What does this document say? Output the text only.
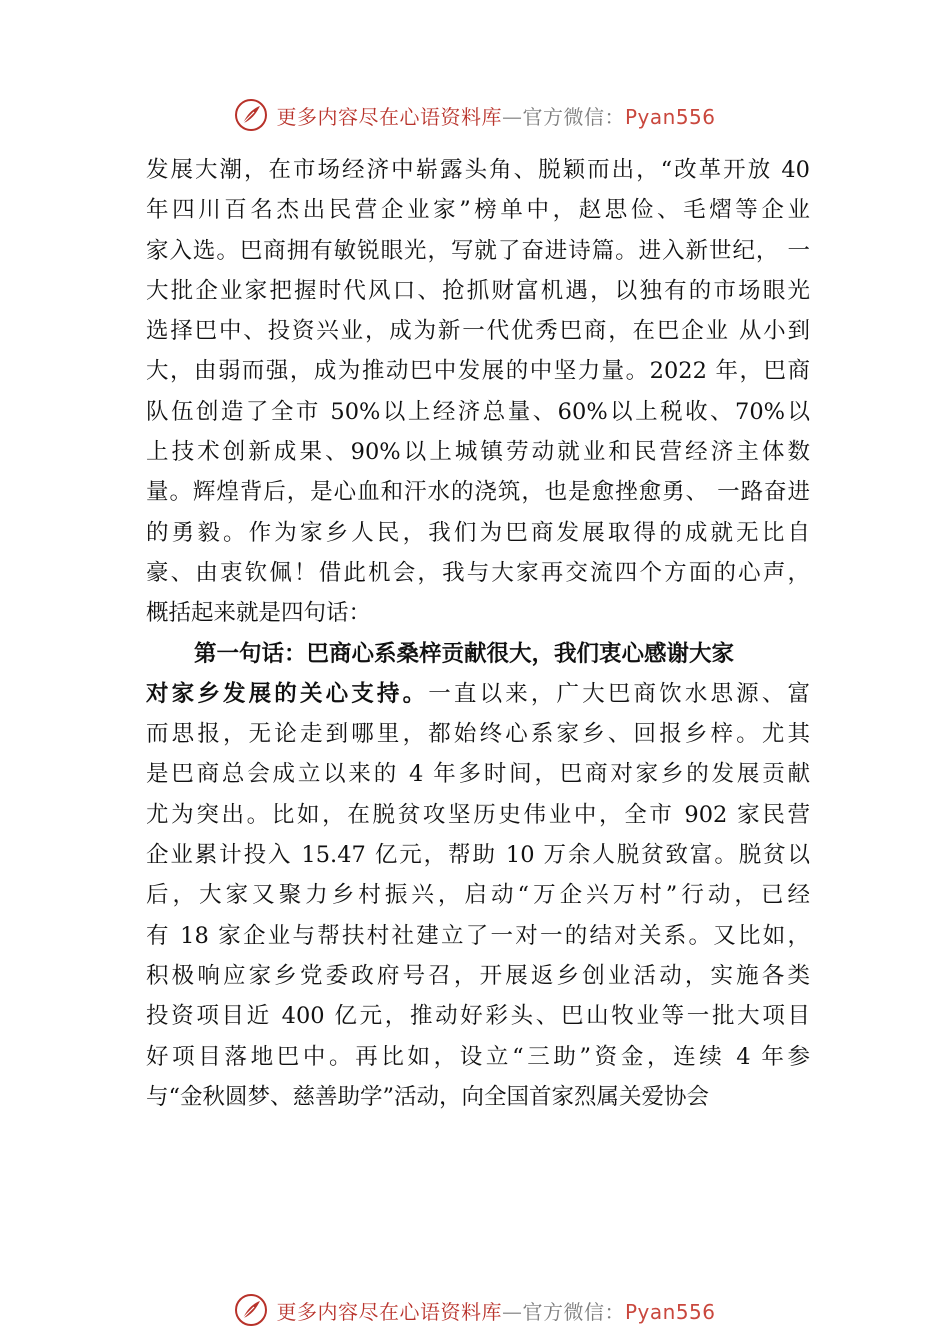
更多内容尽在心语资料库—官方微信：Pyan556
发展大潮，在市场经济中崭露头角、脱颖而出，“改革开放 40
年四川百名杰出民营企业家”榜单中，赵思俭、毛熠等企业
家入选。巴商拥有敏锐眼光，写就了奋进诗篇。进入新世纪， 一
大批企业家把握时代风口、抢抓财富机遇，以独有的市场眼光
选择巴中、投资兴业，成为新一代优秀巴商，在巴企业 从小到
大，由弱而强，成为推动巴中发展的中坚力量。2022 年，巴商
队伍创造了全市 50%以上经济总量、60%以上税收、70%以
上技术创新成果、90%以上城镇劳动就业和民营经济主体数
量。辉煌背后，是心血和汗水的浇筑，也是愈挫愈勇、 一路奋进
的勇毅。作为家乡人民，我们为巴商发展取得的成就无比自
豪、由衷钦佩！借此机会，我与大家再交流四个方面的心声，
概括起来就是四句话：
第一句话：巴商心系桑梓贡献很大，我们衷心感谢大家
对家乡发展的关心支持。一直以来，广大巴商饮水思源、富
而思报，无论走到哪里，都始终心系家乡、回报乡梓。尤其
是巴商总会成立以来的 4 年多时间，巴商对家乡的发展贡献
尤为突出。比如，在脱贫攻坚历史伟业中，全市 902 家民营
企业累计投入 15.47 亿元，帮助 10 万余人脱贫致富。脱贫以
后，大家又聚力乡村振兴，启动“万企兴万村”行动，已经
有 18 家企业与帮扶村社建立了一对一的结对关系。又比如，
积极响应家乡党委政府号召，开展返乡创业活动，实施各类
投资项目近 400 亿元，推动好彩头、巴山牧业等一批大项目
好项目落地巴中。再比如，设立“三助”资金，连续 4 年参
与“金秋圆梦、慈善助学”活动，向全国首家烈属关爱协会
更多内容尽在心语资料库—官方微信：Pyan556
